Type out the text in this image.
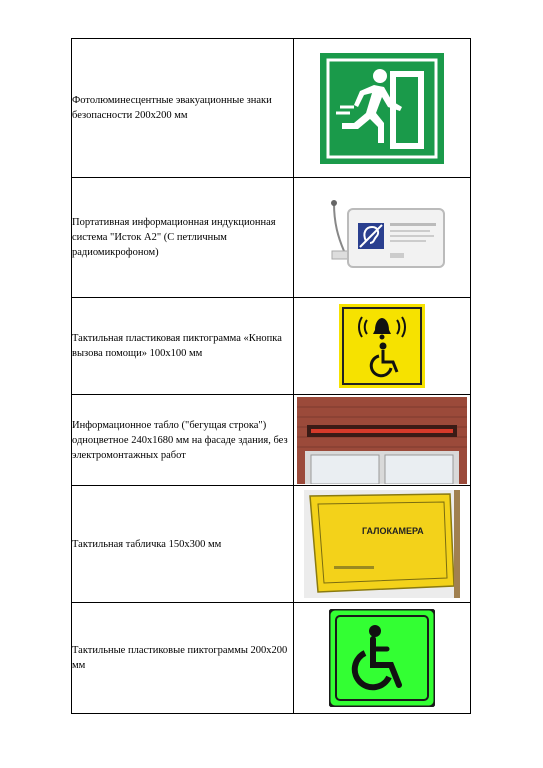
Фотолюминесцентные эвакуационные знаки безопасности 200х200 мм	

Портативная информационная индукционная система "Исток А2" (С петличным радиомикрофоном)	

Тактильная пластиковая пиктограмма «Кнопка вызова помощи» 100х100 мм	

Информационное табло ("бегущая строка") одноцветное 240х1680 мм на фасаде здания, без электромонтажных работ	

Тактильная табличка 150х300 мм	ГАЛОКАМЕРА

Тактильные пластиковые пиктограммы 200х200 мм	
